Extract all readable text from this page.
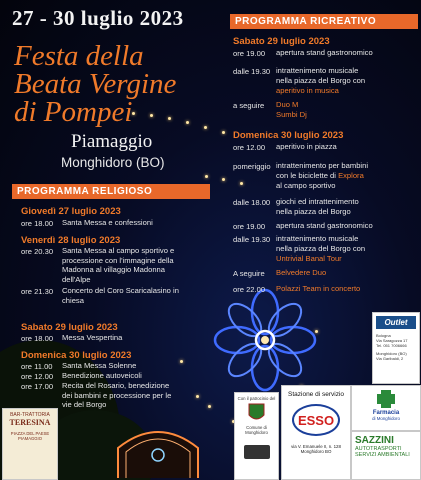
27 - 30 luglio 2023
Festa della
Beata Vergine
di Pompei
Piamaggio
Monghidoro (BO)
PROGRAMMA RELIGIOSO
Giovedì 27 luglio 2023
ore 18.00 Santa Messa e confessioni
Venerdì 28 luglio 2023
ore 20.30 Santa Messa al campo sportivo e processione con l'immagine della Madonna al villaggio Madonna dell'Alpe
ore 21.30 Concerto del Coro Scaricalasino in chiesa
Sabato 29 luglio 2023
ore 18.00 Messa Vespertina
Domenica 30 luglio 2023
ore 11.00 Santa Messa Solenne
ore 12.00 Benedizione autoveicoli
ore 17.00 Recita del Rosario, benedizione dei bambini e processione per le vie del Borgo
PROGRAMMA RICREATIVO
Sabato 29 luglio 2023
ore 19.00 apertura stand gastronomico
dalle 19.30 intrattenimento musicale
nella piazza del Borgo con
aperitivo in musica
a seguire Duo M
Sumbi Dj
Domenica 30 luglio 2023
ore 12.00 aperitivo in piazza
pomeriggio intrattenimento per bambini
con le biciclette di Explora
al campo sportivo
dalle 18.00 giochi ed intrattenimento
nella piazza del Borgo
ore 19.00 apertura stand gastronomico
dalle 19.30 intrattenimento musicale
nella piazza del Borgo con
Untrivial Banal Tour
A seguire Belvedere Duo
ore 22.00 Polazzi Team in concerto
BAR-TRATTORIA
TERESINA
PIAZZA DEL PAESE
PIAMAGGIO
Outlet
Bologna
Via Saragozza 17
Tel. 051 7006666
Monghidoro (BO)
Via Garibaldi, 2
Con il patrocinio del
Comune di
Monghidoro
Stazione di servizio
ESSO
via V. Emanuele II, n. 128
Monghidoro BO
Farmacia
di Monghidoro
SAZZINI
AUTOTRASPORTI
SERVIZI AMBIENTALI
